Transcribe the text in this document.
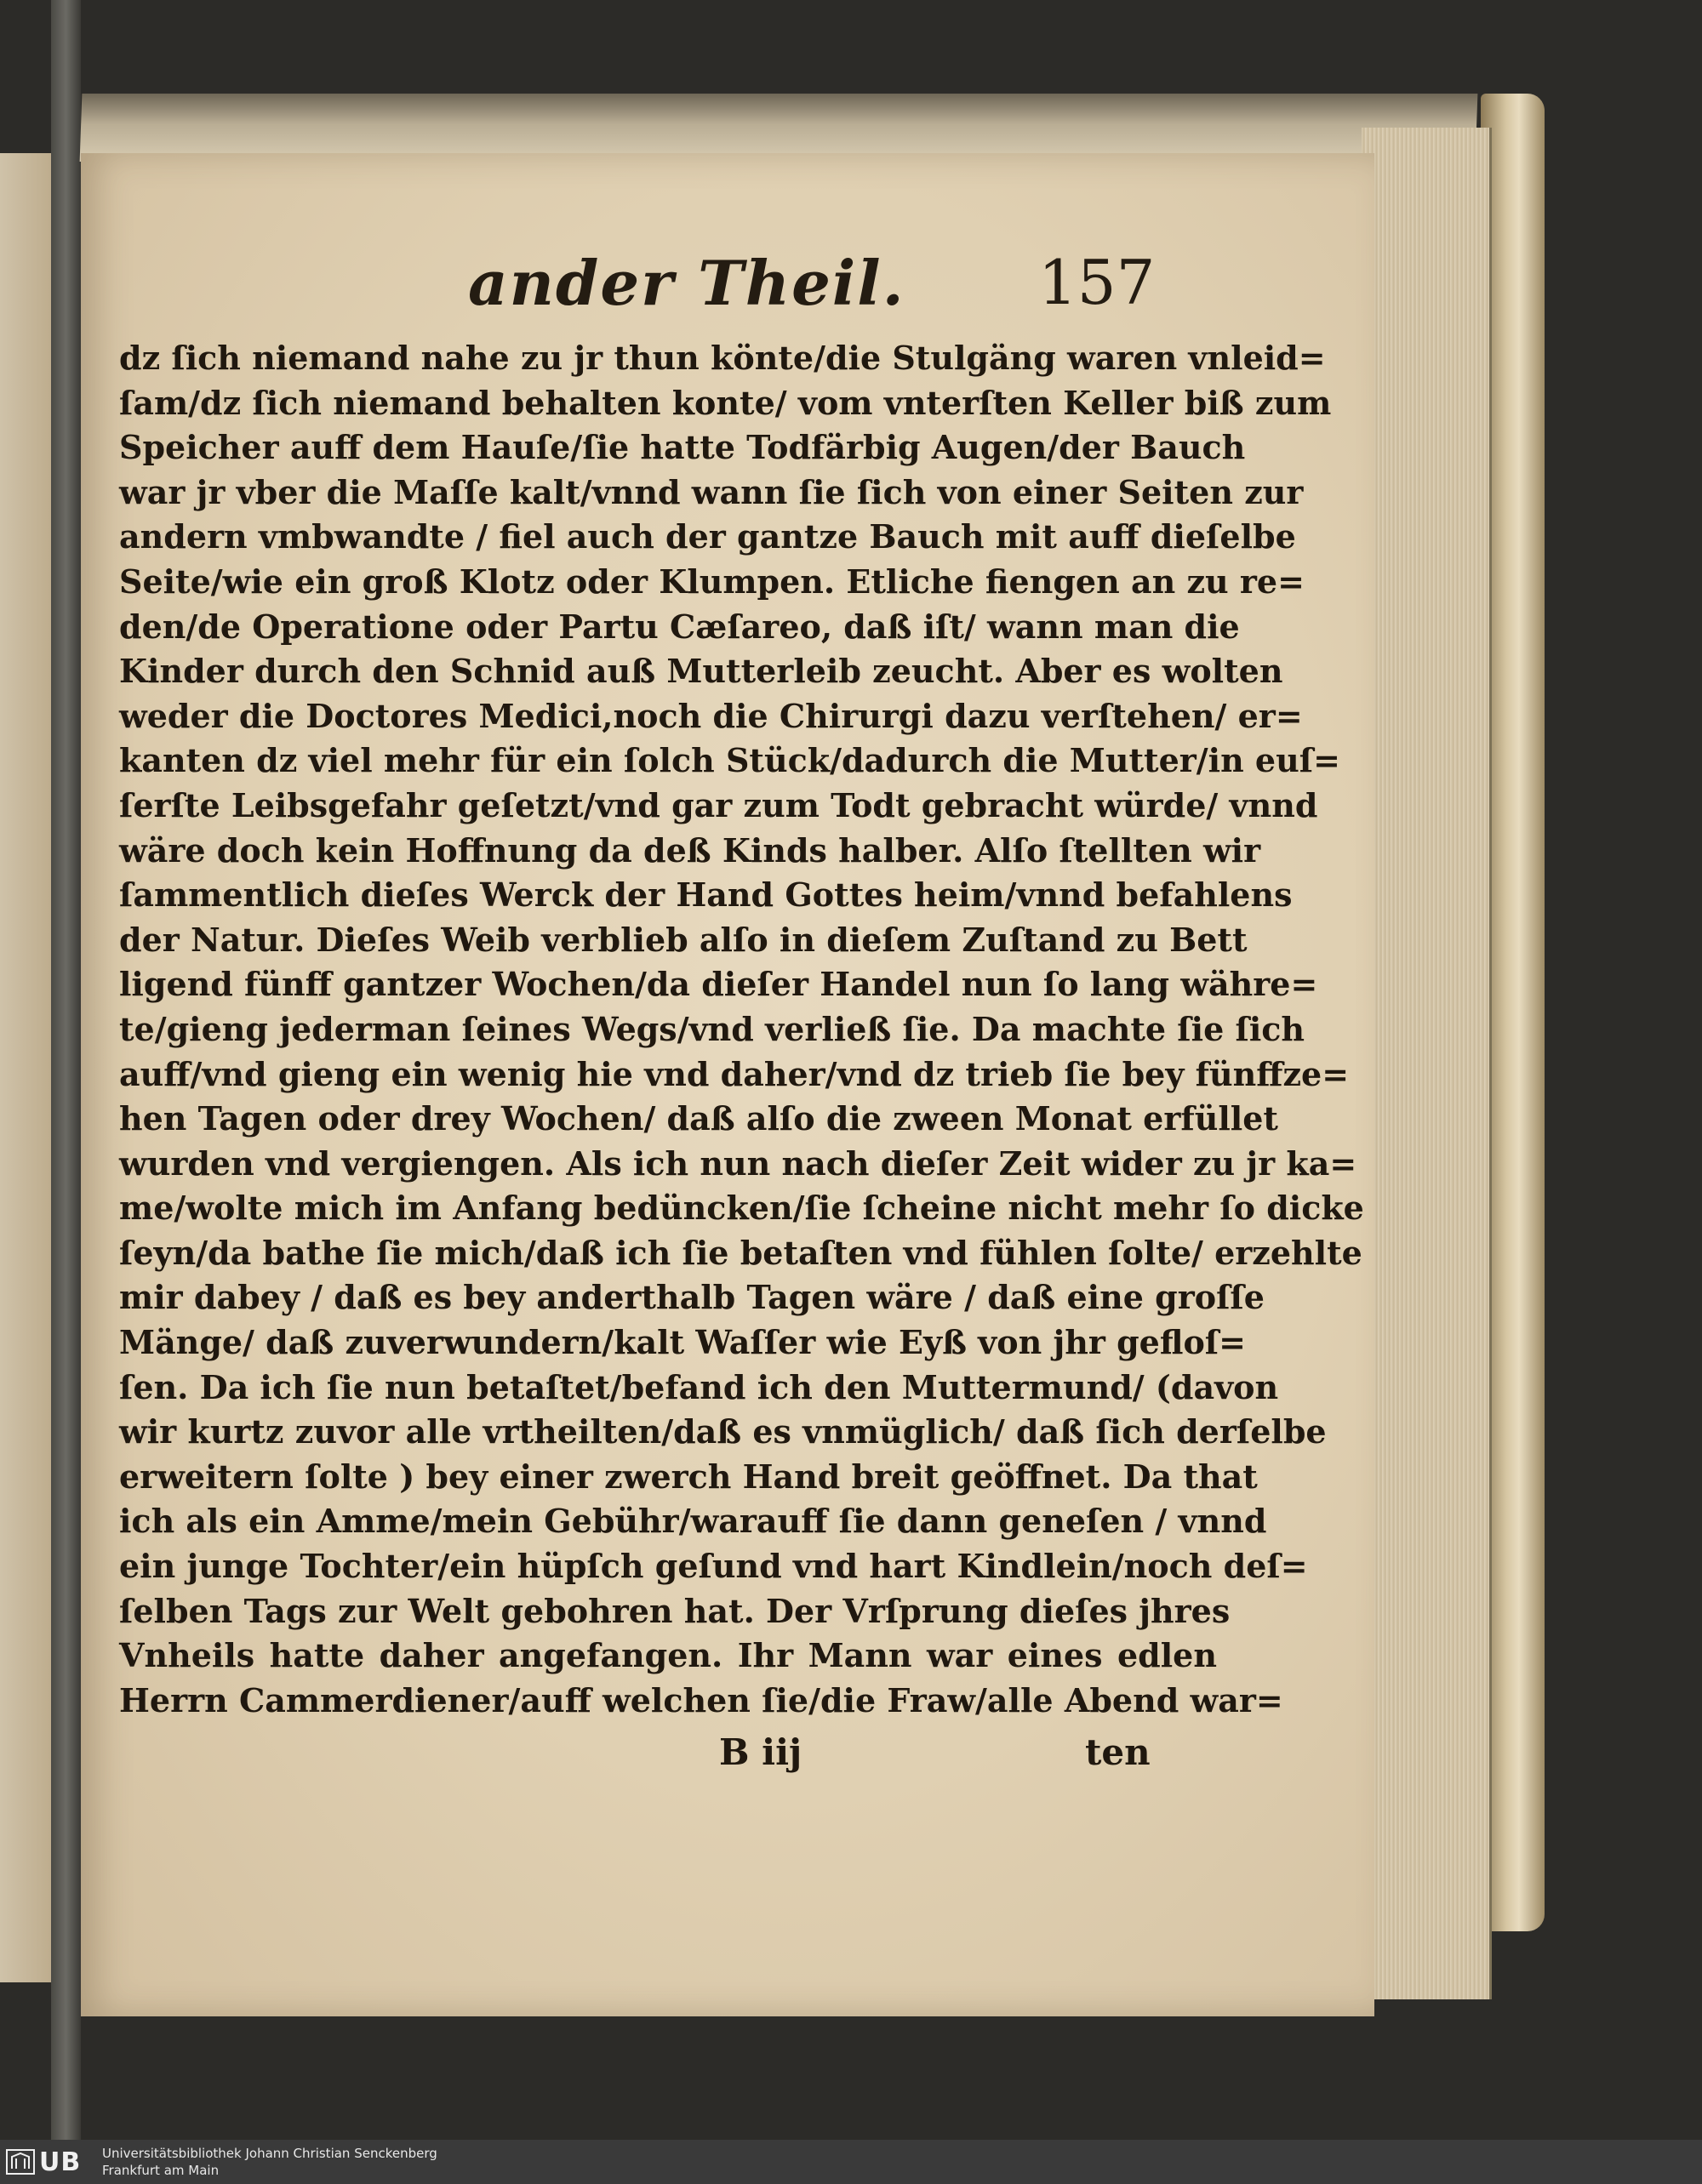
ander Theil. 157
dz ſich niemand nahe zu jr thun könte/die Stulgäng waren vnleid=
ſam/dz ſich niemand behalten konte/ vom vnterſten Keller biß zum
Speicher auff dem Hauſe/ſie hatte Todfärbig Augen/der Bauch
war jr vber die Maſſe kalt/vnnd wann ſie ſich von einer Seiten zur
andern vmbwandte / fiel auch der gantze Bauch mit auff dieſelbe
Seite/wie ein groß Klotz oder Klumpen. Etliche fiengen an zu re=
den/de Operatione oder Partu Cæſareo, daß iſt/ wann man die
Kinder durch den Schnid auß Mutterleib zeucht. Aber es wolten
weder die Doctores Medici,noch die Chirurgi dazu verſtehen/ er=
kanten dz viel mehr für ein ſolch Stück/dadurch die Mutter/in euſ=
ſerſte Leibsgefahr geſetzt/vnd gar zum Todt gebracht würde/ vnnd
wäre doch kein Hoffnung da deß Kinds halber. Alſo ſtellten wir
ſammentlich dieſes Werck der Hand Gottes heim/vnnd befahlens
der Natur. Dieſes Weib verblieb alſo in dieſem Zuſtand zu Bett
ligend fünff gantzer Wochen/da dieſer Handel nun ſo lang währe=
te/gieng jederman ſeines Wegs/vnd verließ ſie. Da machte ſie ſich
auff/vnd gieng ein wenig hie vnd daher/vnd dz trieb ſie bey fünffze=
hen Tagen oder drey Wochen/ daß alſo die zween Monat erfüllet
wurden vnd vergiengen. Als ich nun nach dieſer Zeit wider zu jr ka=
me/wolte mich im Anfang bedüncken/ſie ſcheine nicht mehr ſo dicke
ſeyn/da bathe ſie mich/daß ich ſie betaſten vnd fühlen ſolte/ erzehlte
mir dabey / daß es bey anderthalb Tagen wäre / daß eine groſſe
Mänge/ daß zuverwundern/kalt Waſſer wie Eyß von jhr gefloſ=
ſen. Da ich ſie nun betaſtet/befand ich den Muttermund/ (davon
wir kurtz zuvor alle vrtheilten/daß es vnmüglich/ daß ſich derſelbe
erweitern ſolte ) bey einer zwerch Hand breit geöffnet. Da that
ich als ein Amme/mein Gebühr/warauff ſie dann geneſen / vnnd
ein junge Tochter/ein hüpſch geſund vnd hart Kindlein/noch deſ=
ſelben Tags zur Welt gebohren hat. Der Vrſprung dieſes jhres
Vnheils hatte daher angefangen. Ihr Mann war eines edlen
Herrn Cammerdiener/auff welchen ſie/die Fraw/alle Abend war=
B iij	ten
UB Universitätsbibliothek Johann Christian Senckenberg
Frankfurt am Main
